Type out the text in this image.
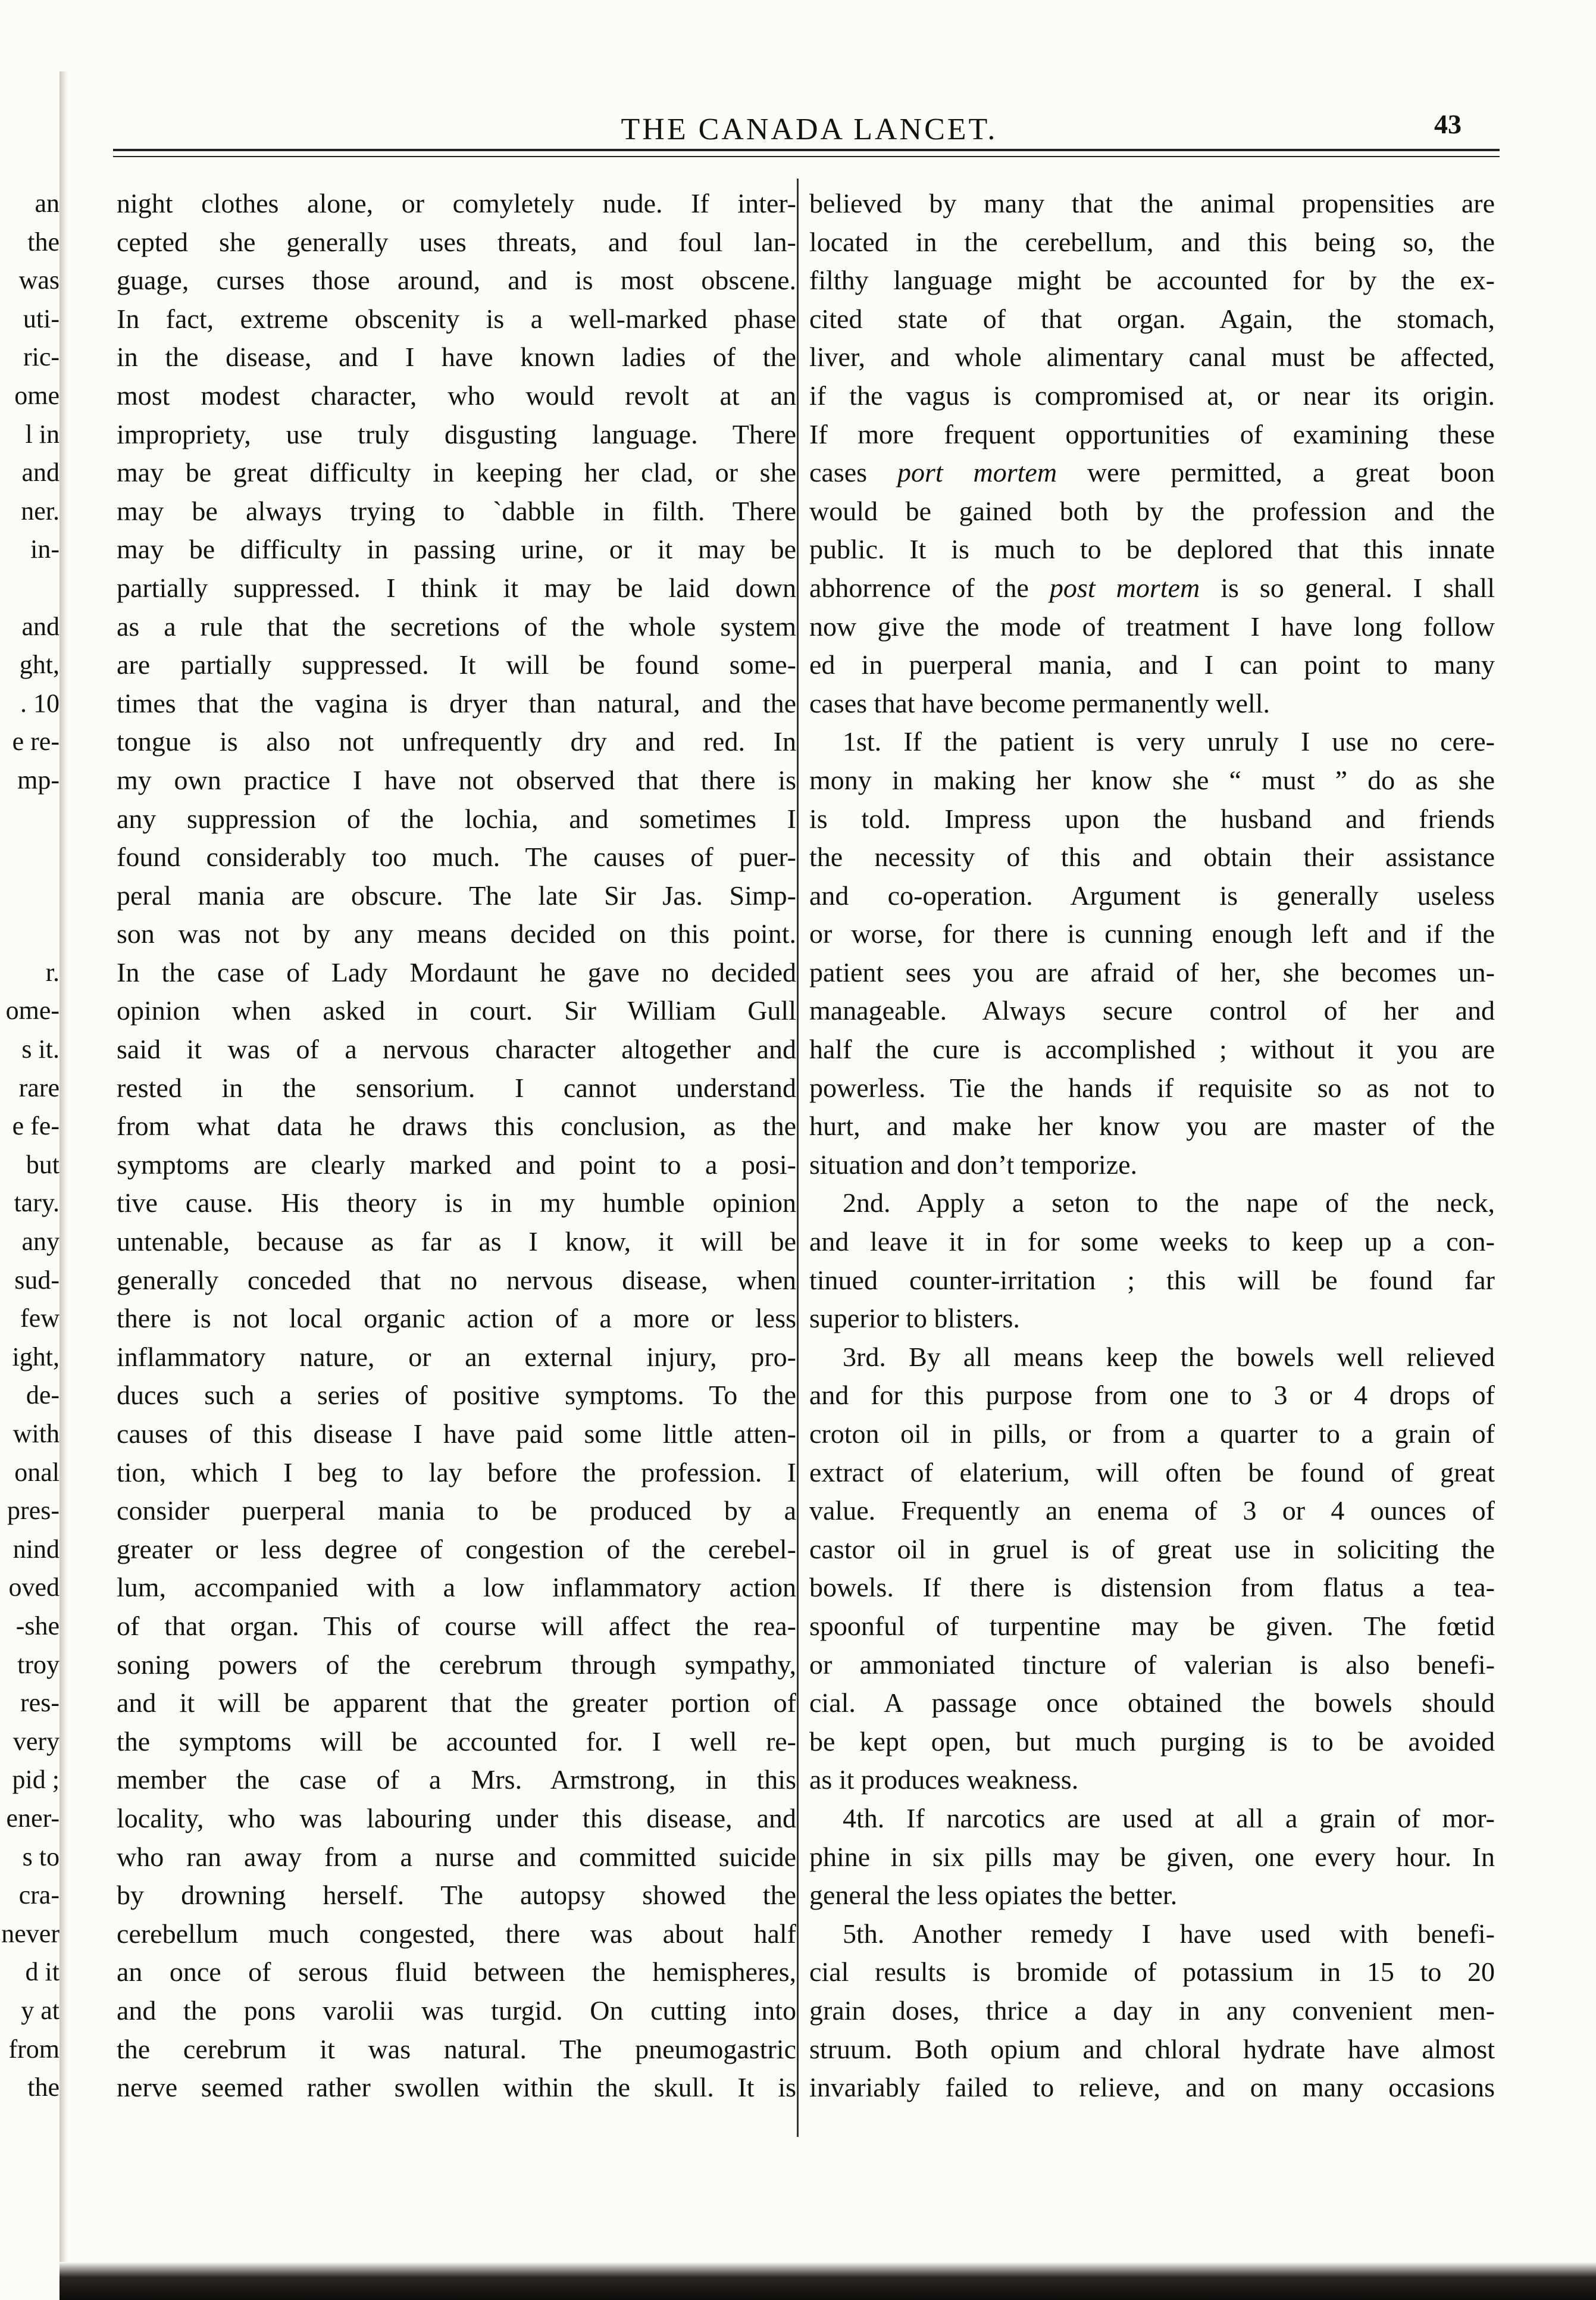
an
the
was
uti-
ric-
ome
l in
and
ner.
in-
and
ght,
. 10
e re-
mp-
r.
ome-
s it.
rare
e fe-
but
tary.
any
sud-
few
ight,
de-
with
onal
pres-
nind
oved
-she
troy
res-
very
pid ;
ener-
s to
cra-
never
d it
y at
from
the
THE CANADA LANCET.	43
night clothes alone, or comyletely nude. If inter-
cepted she generally uses threats, and foul lan-
guage, curses those around, and is most obscene.
In fact, extreme obscenity is a well-marked phase
in the disease, and I have known ladies of the
most modest character, who would revolt at an
impropriety, use truly disgusting language. There
may be great difficulty in keeping her clad, or she
may be always trying to `dabble in filth. There
may be difficulty in passing urine, or it may be
partially suppressed. I think it may be laid down
as a rule that the secretions of the whole system
are partially suppressed. It will be found some-
times that the vagina is dryer than natural, and the
tongue is also not unfrequently dry and red. In
my own practice I have not observed that there is
any suppression of the lochia, and sometimes I
found considerably too much. The causes of puer-
peral mania are obscure. The late Sir Jas. Simp-
son was not by any means decided on this point.
In the case of Lady Mordaunt he gave no decided
opinion when asked in court. Sir William Gull
said it was of a nervous character altogether and
rested in the sensorium. I cannot understand
from what data he draws this conclusion, as the
symptoms are clearly marked and point to a posi-
tive cause. His theory is in my humble opinion
untenable, because as far as I know, it will be
generally conceded that no nervous disease, when
there is not local organic action of a more or less
inflammatory nature, or an external injury, pro-
duces such a series of positive symptoms. To the
causes of this disease I have paid some little atten-
tion, which I beg to lay before the profession. I
consider puerperal mania to be produced by a
greater or less degree of congestion of the cerebel-
lum, accompanied with a low inflammatory action
of that organ. This of course will affect the rea-
soning powers of the cerebrum through sympathy,
and it will be apparent that the greater portion of
the symptoms will be accounted for. I well re-
member the case of a Mrs. Armstrong, in this
locality, who was labouring under this disease, and
who ran away from a nurse and committed suicide
by drowning herself. The autopsy showed the
cerebellum much congested, there was about half
an once of serous fluid between the hemispheres,
and the pons varolii was turgid. On cutting into
the cerebrum it was natural. The pneumogastric
nerve seemed rather swollen within the skull. It is
believed by many that the animal propensities are
located in the cerebellum, and this being so, the
filthy language might be accounted for by the ex-
cited state of that organ. Again, the stomach,
liver, and whole alimentary canal must be affected,
if the vagus is compromised at, or near its origin.
If more frequent opportunities of examining these
cases port mortem were permitted, a great boon
would be gained both by the profession and the
public. It is much to be deplored that this innate
abhorrence of the post mortem is so general. I shall
now give the mode of treatment I have long follow
ed in puerperal mania, and I can point to many
cases that have become permanently well.
1st. If the patient is very unruly I use no cere-
mony in making her know she “ must ” do as she
is told. Impress upon the husband and friends
the necessity of this and obtain their assistance
and co-operation. Argument is generally useless
or worse, for there is cunning enough left and if the
patient sees you are afraid of her, she becomes un-
manageable. Always secure control of her and
half the cure is accomplished ; without it you are
powerless. Tie the hands if requisite so as not to
hurt, and make her know you are master of the
situation and don’t temporize.
2nd. Apply a seton to the nape of the neck,
and leave it in for some weeks to keep up a con-
tinued counter-irritation ; this will be found far
superior to blisters.
3rd. By all means keep the bowels well relieved
and for this purpose from one to 3 or 4 drops of
croton oil in pills, or from a quarter to a grain of
extract of elaterium, will often be found of great
value. Frequently an enema of 3 or 4 ounces of
castor oil in gruel is of great use in soliciting the
bowels. If there is distension from flatus a tea-
spoonful of turpentine may be given. The fœtid
or ammoniated tincture of valerian is also benefi-
cial. A passage once obtained the bowels should
be kept open, but much purging is to be avoided
as it produces weakness.
4th. If narcotics are used at all a grain of mor-
phine in six pills may be given, one every hour. In
general the less opiates the better.
5th. Another remedy I have used with benefi-
cial results is bromide of potassium in 15 to 20
grain doses, thrice a day in any convenient men-
struum. Both opium and chloral hydrate have almost
invariably failed to relieve, and on many occasions
